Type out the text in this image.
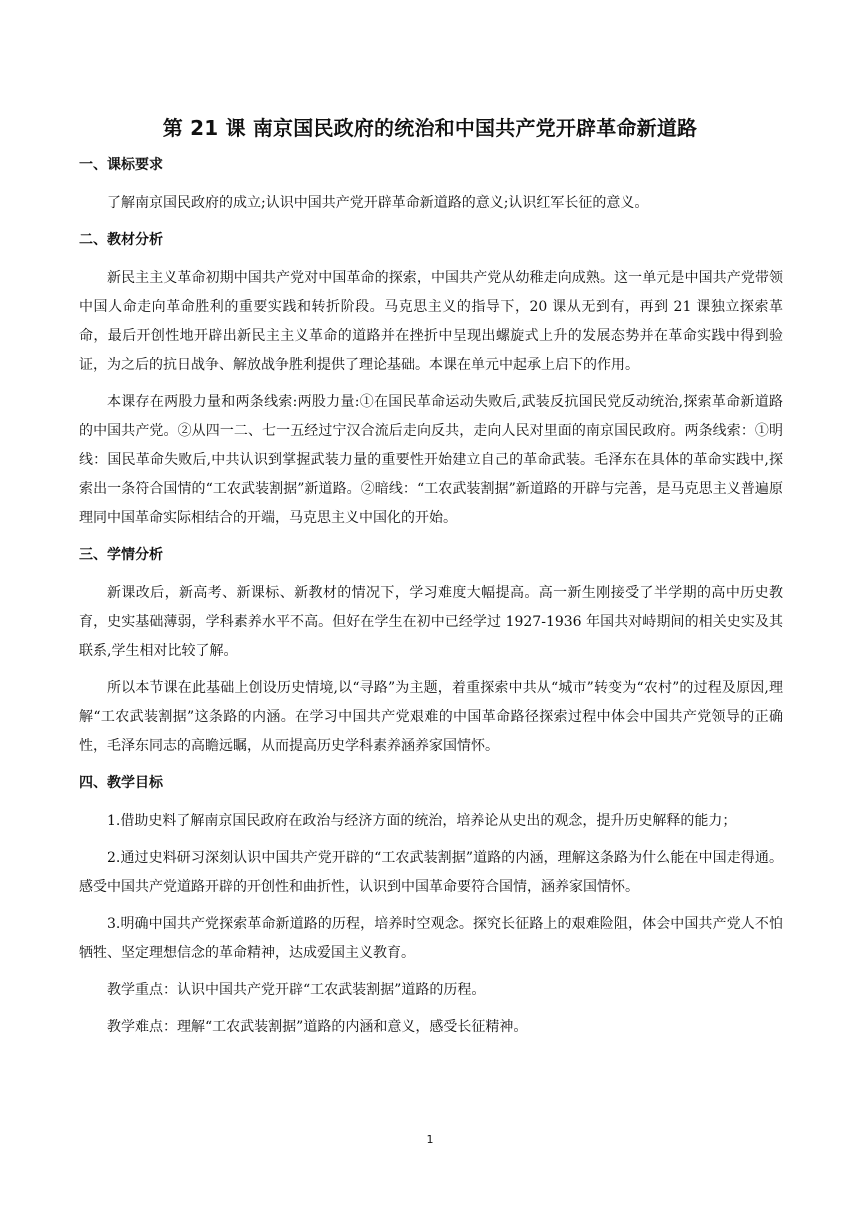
第 21 课 南京国民政府的统治和中国共产党开辟革命新道路
一、课标要求

了解南京国民政府的成立;认识中国共产党开辟革命新道路的意义;认识红军长征的意义。

二、教材分析

新民主主义革命初期中国共产党对中国革命的探索，中国共产党从幼稚走向成熟。这一单元是中国共产党带领中国人命走向革命胜利的重要实践和转折阶段。马克思主义的指导下，20 课从无到有，再到 21 课独立探索革命，最后开创性地开辟出新民主主义革命的道路并在挫折中呈现出螺旋式上升的发展态势并在革命实践中得到验证，为之后的抗日战争、解放战争胜利提供了理论基础。本课在单元中起承上启下的作用。

本课存在两股力量和两条线索:两股力量:①在国民革命运动失败后,武装反抗国民党反动统治,探索革命新道路的中国共产党。②从四一二、七一五经过宁汉合流后走向反共，走向人民对里面的南京国民政府。两条线索：①明线：国民革命失败后,中共认识到掌握武装力量的重要性开始建立自己的革命武装。毛泽东在具体的革命实践中,探索出一条符合国情的“工农武装割据”新道路。②暗线：“工农武装割据”新道路的开辟与完善，是马克思主义普遍原理同中国革命实际相结合的开端，马克思主义中国化的开始。

三、学情分析

新课改后，新高考、新课标、新教材的情况下，学习难度大幅提高。高一新生刚接受了半学期的高中历史教育，史实基础薄弱，学科素养水平不高。但好在学生在初中已经学过 1927-1936 年国共对峙期间的相关史实及其联系,学生相对比较了解。

所以本节课在此基础上创设历史情境,以“寻路”为主题，着重探索中共从“城市”转变为“农村”的过程及原因,理解“工农武装割据”这条路的内涵。在学习中国共产党艰难的中国革命路径探索过程中体会中国共产党领导的正确性，毛泽东同志的高瞻远瞩，从而提高历史学科素养涵养家国情怀。

四、教学目标

1.借助史料了解南京国民政府在政治与经济方面的统治，培养论从史出的观念，提升历史解释的能力；

2.通过史料研习深刻认识中国共产党开辟的“工农武装割据”道路的内涵，理解这条路为什么能在中国走得通。感受中国共产党道路开辟的开创性和曲折性，认识到中国革命要符合国情，涵养家国情怀。

3.明确中国共产党探索革命新道路的历程，培养时空观念。探究长征路上的艰难险阻，体会中国共产党人不怕牺牲、坚定理想信念的革命精神，达成爱国主义教育。

教学重点：认识中国共产党开辟“工农武装割据”道路的历程。

教学难点：理解“工农武装割据”道路的内涵和意义，感受长征精神。

1
